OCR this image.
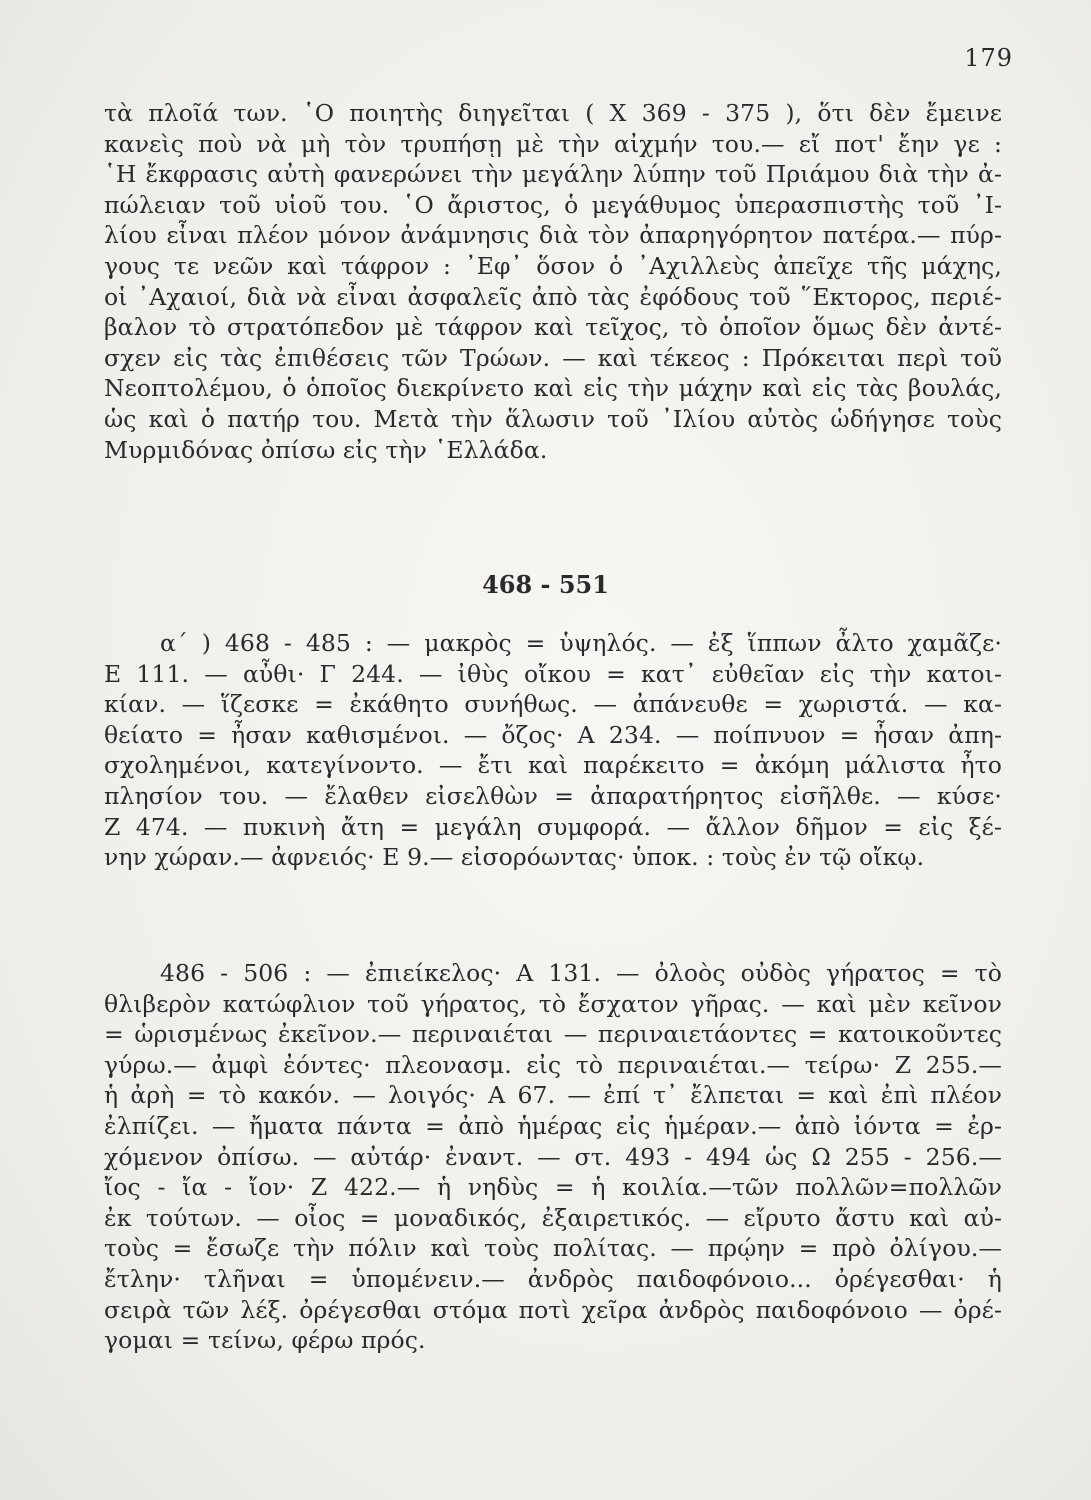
179

τὰ πλοῖά των. ῾Ο ποιητὴς διηγεῖται ( Χ 369 - 375 ), ὅτι δὲν ἔμεινε
κανεὶς ποὺ νὰ μὴ τὸν τρυπήσῃ μὲ τὴν αἰχμήν του.— εἴ ποτ' ἔην γε :
῾Η ἔκφρασις αὐτὴ φανερώνει τὴν μεγάλην λύπην τοῦ Πριάμου διὰ τὴν ἀ-
πώλειαν τοῦ υἱοῦ του. ῾Ο ἄριστος, ὁ μεγάθυμος ὑπερασπιστὴς τοῦ ᾽Ι-
λίου εἶναι πλέον μόνον ἀνάμνησις διὰ τὸν ἀπαρηγόρητον πατέρα.— πύρ-
γους τε νεῶν καὶ τάφρον : ᾽Εφ᾽ ὅσον ὁ ᾽Αχιλλεὺς ἀπεῖχε τῆς μάχης,
οἱ ᾽Αχαιοί, διὰ νὰ εἶναι ἀσφαλεῖς ἀπὸ τὰς ἐφόδους τοῦ ῞Εκτορος, περιέ-
βαλον τὸ στρατόπεδον μὲ τάφρον καὶ τεῖχος, τὸ ὁποῖον ὅμως δὲν ἀντέ-
σχεν εἰς τὰς ἐπιθέσεις τῶν Τρώων. — καὶ τέκεος : Πρόκειται περὶ τοῦ
Νεοπτολέμου, ὁ ὁποῖος διεκρίνετο καὶ εἰς τὴν μάχην καὶ εἰς τὰς βουλάς,
ὡς καὶ ὁ πατήρ του. Μετὰ τὴν ἅλωσιν τοῦ ᾽Ιλίου αὐτὸς ὡδήγησε τοὺς
Μυρμιδόνας ὀπίσω εἰς τὴν ῾Ελλάδα.

468 - 551

α΄ ) 468 - 485 : — μακρὸς = ὑψηλός. — ἐξ ἵππων ἆλτο χαμᾶζε·
Ε 111. — αὖθι· Γ 244. — ἰθὺς οἴκου = κατ᾽ εὐθεῖαν εἰς τὴν κατοι-
κίαν. — ἵζεσκε = ἐκάθητο συνήθως. — ἀπάνευθε = χωριστά. — κα-
θείατο = ἦσαν καθισμένοι. — ὄζος· Α 234. — ποίπνυον = ἦσαν ἀπη-
σχολημένοι, κατεγίνοντο. — ἔτι καὶ παρέκειτο = ἀκόμη μάλιστα ἦτο
πλησίον του. — ἔλαθεν εἰσελθὼν = ἀπαρατήρητος εἰσῆλθε. — κύσε·
Ζ 474. — πυκινὴ ἄτη = μεγάλη συμφορά. — ἄλλον δῆμον = εἰς ξέ-
νην χώραν.— ἀφνειός· Ε 9.— εἰσορόωντας· ὑποκ. : τοὺς ἐν τῷ οἴκῳ.

486 - 506 : — ἐπιείκελος· Α 131. — ὀλοὸς οὐδὸς γήρατος = τὸ
θλιβερὸν κατώφλιον τοῦ γήρατος, τὸ ἔσχατον γῆρας. — καὶ μὲν κεῖνον
= ὡρισμένως ἐκεῖνον.— περιναιέται — περιναιετάοντες = κατοικοῦντες
γύρω.— ἀμφὶ ἐόντες· πλεονασμ. εἰς τὸ περιναιέται.— τείρω· Ζ 255.—
ἡ ἀρὴ = τὸ κακόν. — λοιγός· Α 67. — ἐπί τ᾽ ἔλπεται = καὶ ἐπὶ πλέον
ἐλπίζει. — ἤματα πάντα = ἀπὸ ἡμέρας εἰς ἡμέραν.— ἀπὸ ἰόντα = ἐρ-
χόμενον ὀπίσω. — αὐτάρ· ἐναντ. — στ. 493 - 494 ὡς Ω 255 - 256.—
ἴος - ἴα - ἴον· Ζ 422.— ἡ νηδὺς = ἡ κοιλία.—τῶν πολλῶν=πολλῶν
ἐκ τούτων. — οἶος = μοναδικός, ἐξαιρετικός. — εἴρυτο ἄστυ καὶ αὐ-
τοὺς = ἔσωζε τὴν πόλιν καὶ τοὺς πολίτας. — πρῴην = πρὸ ὀλίγου.—
ἔτλην· τλῆναι = ὑπομένειν.— ἀνδρὸς παιδοφόνοιο... ὀρέγεσθαι· ἡ
σειρὰ τῶν λέξ. ὀρέγεσθαι στόμα ποτὶ χεῖρα ἀνδρὸς παιδοφόνοιο — ὀρέ-
γομαι = τείνω, φέρω πρός.
